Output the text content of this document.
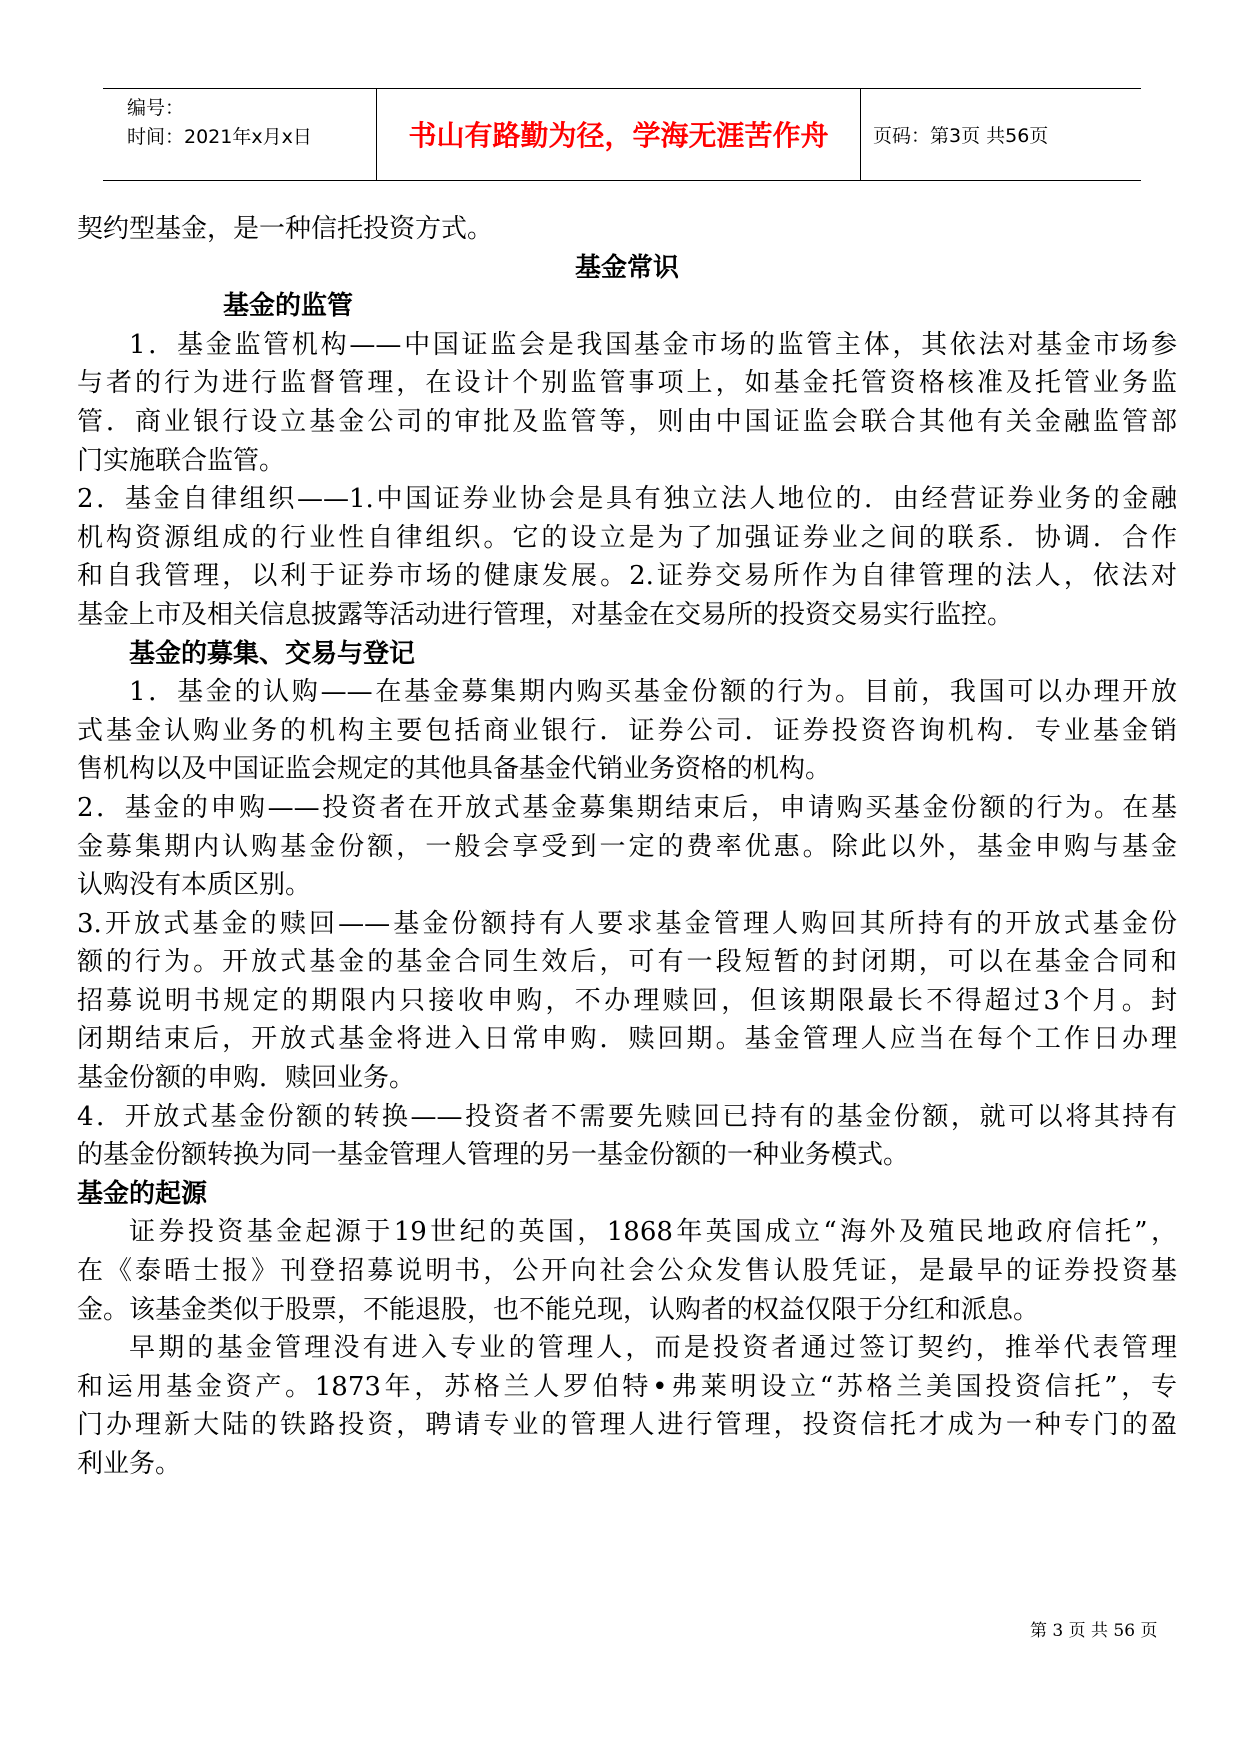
编号：
时间：2021年x月x日	书山有路勤为径，学海无涯苦作舟	页码：第3页 共56页
契约型基金，是一种信托投资方式。
基金常识
基金的监管
1．基金监管机构——中国证监会是我国基金市场的监管主体，其依法对基金市场参
与者的行为进行监督管理，在设计个别监管事项上，如基金托管资格核准及托管业务监
管．商业银行设立基金公司的审批及监管等，则由中国证监会联合其他有关金融监管部
门实施联合监管。
2．基金自律组织——1.中国证券业协会是具有独立法人地位的．由经营证券业务的金融
机构资源组成的行业性自律组织。它的设立是为了加强证券业之间的联系．协调．合作
和自我管理，以利于证券市场的健康发展。2.证券交易所作为自律管理的法人，依法对
基金上市及相关信息披露等活动进行管理，对基金在交易所的投资交易实行监控。
基金的募集、交易与登记
1．基金的认购——在基金募集期内购买基金份额的行为。目前，我国可以办理开放
式基金认购业务的机构主要包括商业银行．证券公司．证券投资咨询机构．专业基金销
售机构以及中国证监会规定的其他具备基金代销业务资格的机构。
2．基金的申购——投资者在开放式基金募集期结束后，申请购买基金份额的行为。在基
金募集期内认购基金份额，一般会享受到一定的费率优惠。除此以外，基金申购与基金
认购没有本质区别。
3.开放式基金的赎回——基金份额持有人要求基金管理人购回其所持有的开放式基金份
额的行为。开放式基金的基金合同生效后，可有一段短暂的封闭期，可以在基金合同和
招募说明书规定的期限内只接收申购，不办理赎回，但该期限最长不得超过3个月。封
闭期结束后，开放式基金将进入日常申购．赎回期。基金管理人应当在每个工作日办理
基金份额的申购．赎回业务。
4．开放式基金份额的转换——投资者不需要先赎回已持有的基金份额，就可以将其持有
的基金份额转换为同一基金管理人管理的另一基金份额的一种业务模式。
基金的起源
证券投资基金起源于19世纪的英国，1868年英国成立“海外及殖民地政府信托”，
在《泰晤士报》刊登招募说明书，公开向社会公众发售认股凭证，是最早的证券投资基
金。该基金类似于股票，不能退股，也不能兑现，认购者的权益仅限于分红和派息。
早期的基金管理没有进入专业的管理人，而是投资者通过签订契约，推举代表管理
和运用基金资产。1873年，苏格兰人罗伯特•弗莱明设立“苏格兰美国投资信托”，专
门办理新大陆的铁路投资，聘请专业的管理人进行管理，投资信托才成为一种专门的盈
利业务。
第 3 页 共 56 页
